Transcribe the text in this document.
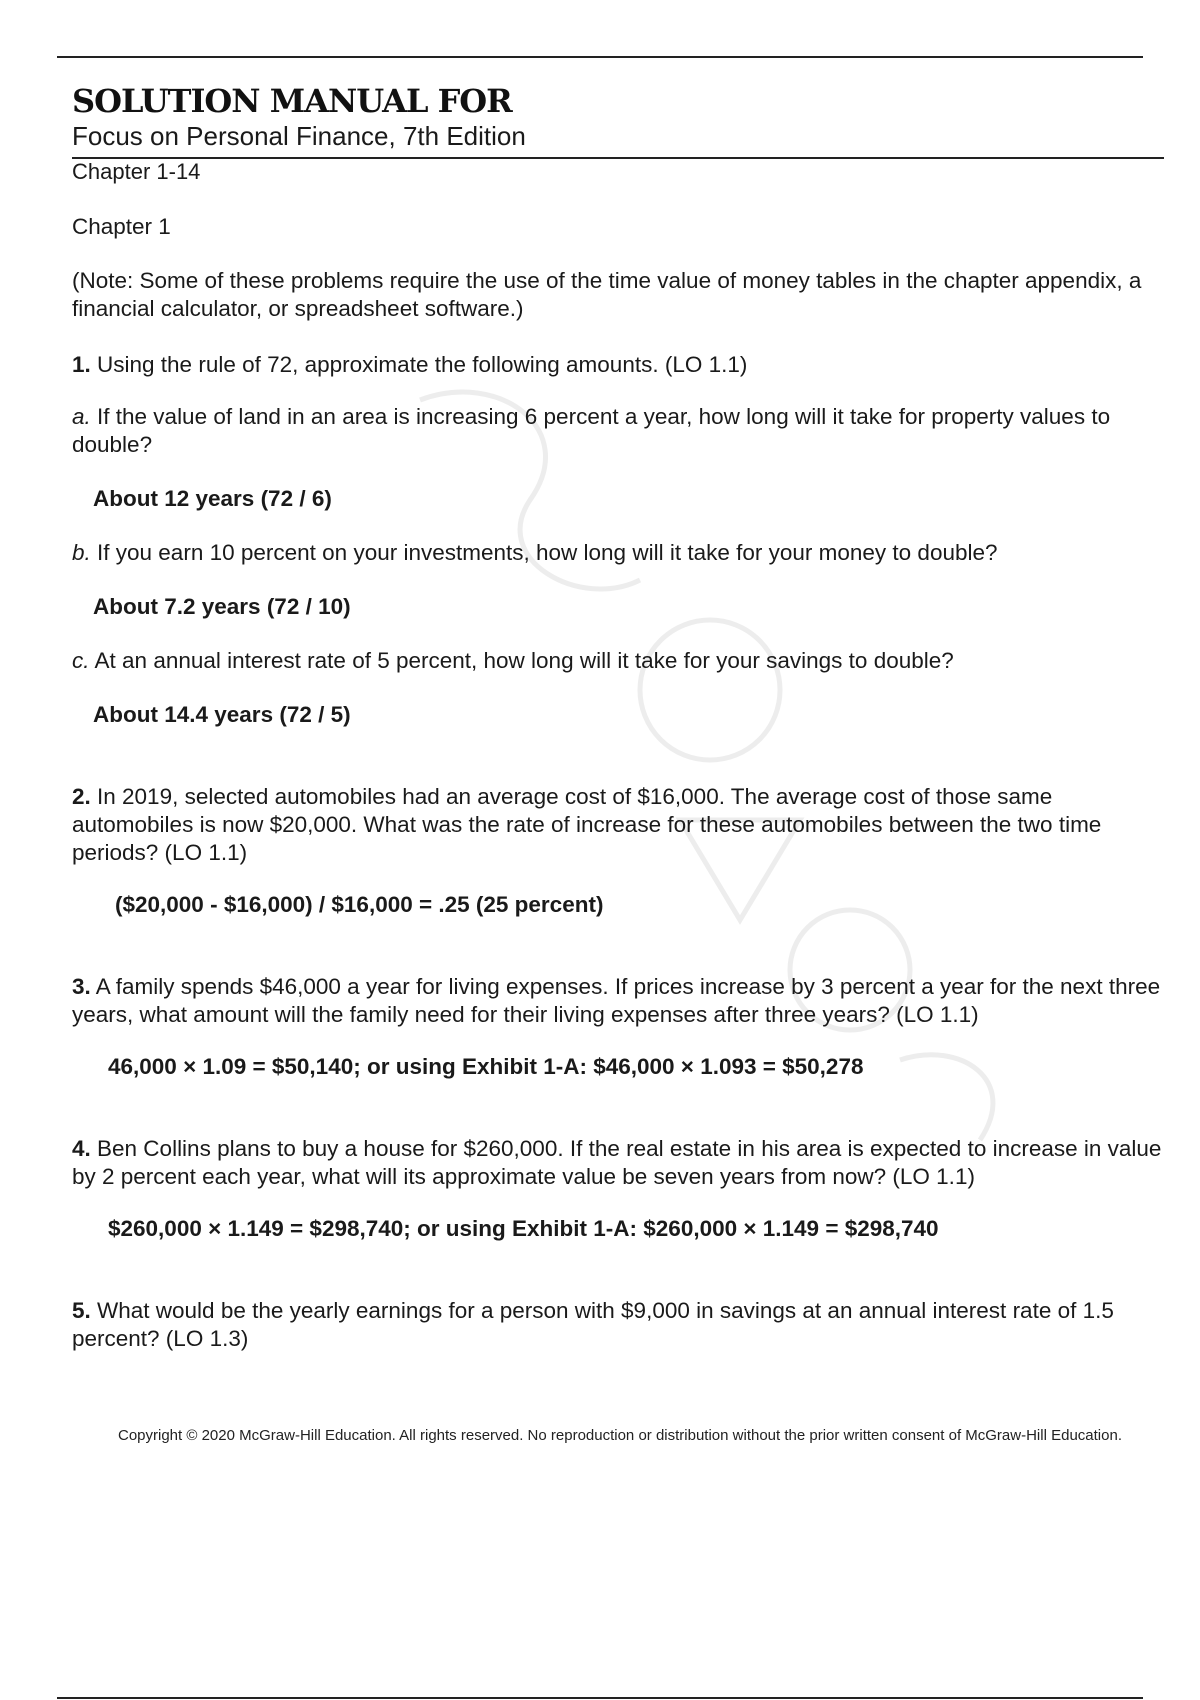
SOLUTION MANUAL FOR
Focus on Personal Finance, 7th Edition
Chapter 1-14

Chapter 1

(Note: Some of these problems require the use of the time value of money tables in the chapter appendix, a financial calculator, or spreadsheet software.)

1. Using the rule of 72, approximate the following amounts. (LO 1.1)

a. If the value of land in an area is increasing 6 percent a year, how long will it take for property values to double?

About 12 years (72 / 6)

b. If you earn 10 percent on your investments, how long will it take for your money to double?

About 7.2 years (72 / 10)

c. At an annual interest rate of 5 percent, how long will it take for your savings to double?

About 14.4 years (72 / 5)

2. In 2019, selected automobiles had an average cost of $16,000. The average cost of those same automobiles is now $20,000. What was the rate of increase for these automobiles between the two time periods? (LO 1.1)

($20,000 - $16,000) / $16,000 = .25 (25 percent)

3. A family spends $46,000 a year for living expenses. If prices increase by 3 percent a year for the next three years, what amount will the family need for their living expenses after three years? (LO 1.1)

46,000 × 1.09 = $50,140; or using Exhibit 1-A: $46,000 × 1.093 = $50,278

4. Ben Collins plans to buy a house for $260,000. If the real estate in his area is expected to increase in value by 2 percent each year, what will its approximate value be seven years from now? (LO 1.1)

$260,000 × 1.149 = $298,740; or using Exhibit 1-A: $260,000 × 1.149 = $298,740

5. What would be the yearly earnings for a person with $9,000 in savings at an annual interest rate of 1.5 percent? (LO 1.3)

Copyright © 2020 McGraw-Hill Education. All rights reserved. No reproduction or distribution without the prior written consent of McGraw-Hill Education.
